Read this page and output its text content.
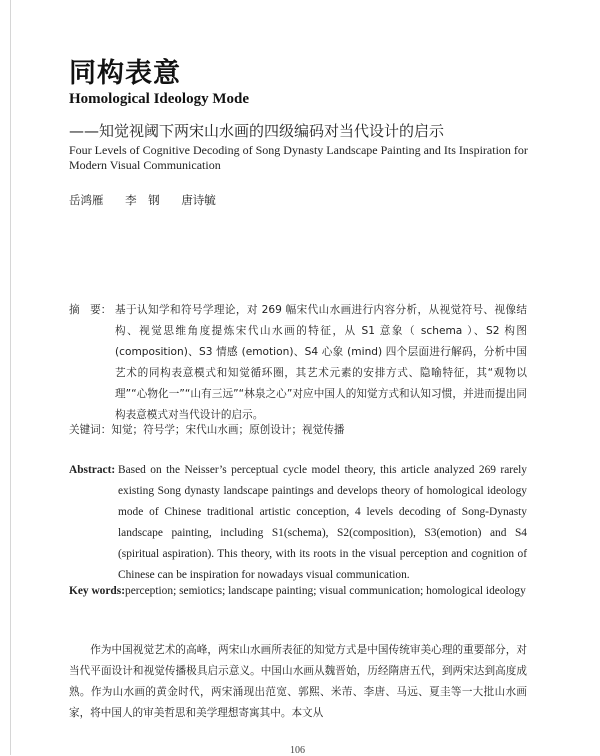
同构表意
Homological Ideology Mode
——知觉视阈下两宋山水画的四级编码对当代设计的启示
Four Levels of Cognitive Decoding of Song Dynasty Landscape Painting and Its Inspiration for Modern Visual Communication
岳鸿雁 李　钢 唐诗毓
摘　要： 基于认知学和符号学理论，对 269 幅宋代山水画进行内容分析，从视觉符号、视像结构、视觉思维角度提炼宋代山水画的特征，从 S1 意象（ schema ）、S2 构图 (composition)、S3 情感 (emotion)、S4 心象 (mind) 四个层面进行解码，分析中国艺术的同构表意模式和知觉循环圈，其艺术元素的安排方式、隐喻特征，其“观物以理”“心物化一”“山有三远”“林泉之心”对应中国人的知觉方式和认知习惯，并进而提出同构表意模式对当代设计的启示。
关键词：知觉；符号学；宋代山水画；原创设计；视觉传播
Abstract: Based on the Neisser’s perceptual cycle model theory, this article analyzed 269 rarely existing Song dynasty landscape paintings and develops theory of homological ideology mode of Chinese traditional artistic conception, 4 levels decoding of Song-Dynasty landscape painting, including S1(schema), S2(composition), S3(emotion) and S4 (spiritual aspiration). This theory, with its roots in the visual perception and cognition of Chinese can be inspiration for nowadays visual communication.
Key words: perception; semiotics; landscape painting; visual communication; homological ideology
作为中国视觉艺术的高峰，两宋山水画所表征的知觉方式是中国传统审美心理的重要部分，对当代平面设计和视觉传播极具启示意义。中国山水画从魏晋始，历经隋唐五代，到两宋达到高度成熟。作为山水画的黄金时代，两宋涌现出范宽、郭熙、米芾、李唐、马远、夏圭等一大批山水画家，将中国人的审美哲思和美学理想寄寓其中。本文从
106
